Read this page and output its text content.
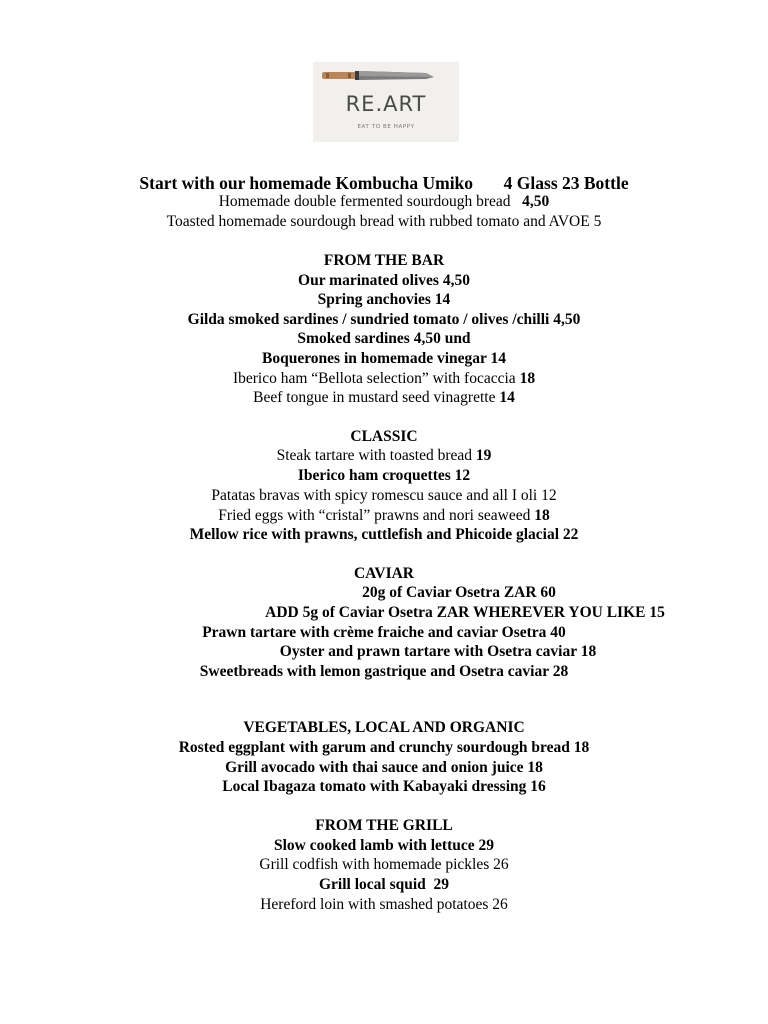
RE.ART
EAT TO BE HAPPY
Start with our homemade Kombucha Umiko       4 Glass 23 Bottle
Homemade double fermented sourdough bread 4,50
Toasted homemade sourdough bread with rubbed tomato and AVOE 5
FROM THE BAR
Our marinated olives 4,50
Spring anchovies 14
Gilda smoked sardines / sundried tomato / olives /chilli 4,50
Smoked sardines 4,50 und
Boquerones in homemade vinegar 14
Iberico ham “Bellota selection” with focaccia 18
Beef tongue in mustard seed vinagrette 14
CLASSIC
Steak tartare with toasted bread 19
Iberico ham croquettes 12
Patatas bravas with spicy romescu sauce and all I oli 12
Fried eggs with “cristal” prawns and nori seaweed 18
Mellow rice with prawns, cuttlefish and Phicoide glacial 22
CAVIAR
20g of Caviar Osetra ZAR 60
ADD 5g of Caviar Osetra ZAR WHEREVER YOU LIKE 15
Prawn tartare with crème fraiche and caviar Osetra 40
Oyster and prawn tartare with Osetra caviar 18
Sweetbreads with lemon gastrique and Osetra caviar 28
VEGETABLES, LOCAL AND ORGANIC
Rosted eggplant with garum and crunchy sourdough bread 18
Grill avocado with thai sauce and onion juice 18
Local Ibagaza tomato with Kabayaki dressing 16
FROM THE GRILL
Slow cooked lamb with lettuce 29
Grill codfish with homemade pickles 26
Grill local squid  29
Hereford loin with smashed potatoes 26
